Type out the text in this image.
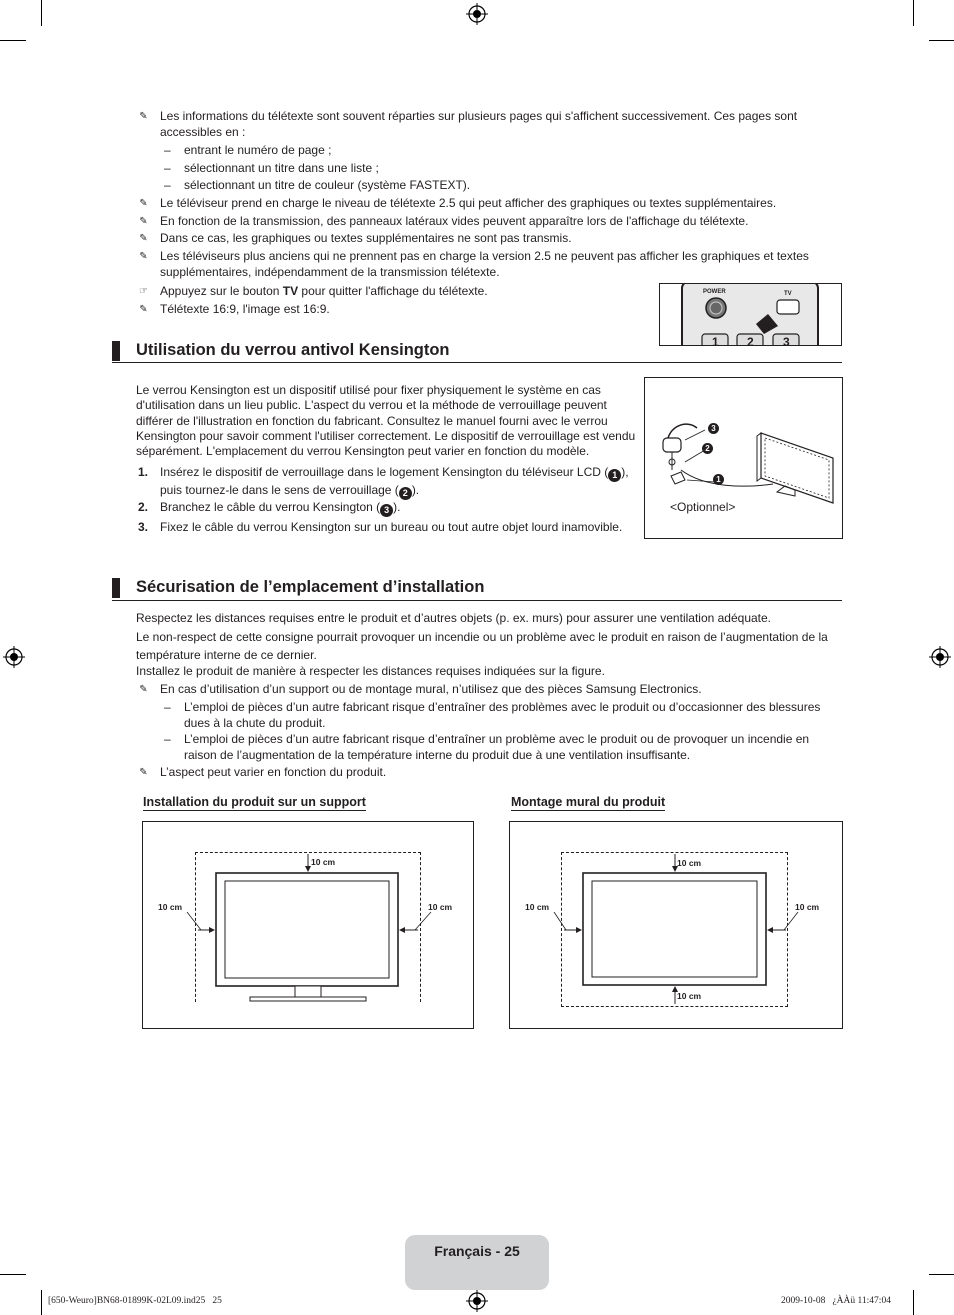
✎ Les informations du télétexte sont souvent réparties sur plusieurs pages qui s'affichent successivement. Ces pages sont accessibles en :
– entrant le numéro de page ;
– sélectionnant un titre dans une liste ;
– sélectionnant un titre de couleur (système FASTEXT).
✎ Le téléviseur prend en charge le niveau de télétexte 2.5 qui peut afficher des graphiques ou textes supplémentaires.
✎ En fonction de la transmission, des panneaux latéraux vides peuvent apparaître lors de l'affichage du télétexte.
✎ Dans ce cas, les graphiques ou textes supplémentaires ne sont pas transmis.
✎ Les téléviseurs plus anciens qui ne prennent pas en charge la version 2.5 ne peuvent pas afficher les graphiques et textes supplémentaires, indépendamment de la transmission télétexte.
☞ Appuyez sur le bouton TV pour quitter l'affichage du télétexte.
✎ Télétexte 16:9, l'image est 16:9.
POWER	TV
1 2 3
Utilisation du verrou antivol Kensington
Le verrou Kensington est un dispositif utilisé pour fixer physiquement le système en cas d'utilisation dans un lieu public. L'aspect du verrou et la méthode de verrouillage peuvent différer de l'illustration en fonction du fabricant. Consultez le manuel fourni avec le verrou Kensington pour savoir comment l'utiliser correctement. Le dispositif de verrouillage est vendu séparément. L'emplacement du verrou Kensington peut varier en fonction du modèle.
1. Insérez le dispositif de verrouillage dans le logement Kensington du téléviseur LCD ( 1 ), puis tournez-le dans le sens de verrouillage ( 2 ).
2. Branchez le câble du verrou Kensington ( 3 ).
3. Fixez le câble du verrou Kensington sur un bureau ou tout autre objet lourd inamovible.
3
2
1
<Optionnel>
Sécurisation de l’emplacement d’installation
Respectez les distances requises entre le produit et d’autres objets (p. ex. murs) pour assurer une ventilation adéquate.
Le non-respect de cette consigne pourrait provoquer un incendie ou un problème avec le produit en raison de l’augmentation de la température interne de ce dernier.
Installez le produit de manière à respecter les distances requises indiquées sur la figure.
✎ En cas d’utilisation d’un support ou de montage mural, n’utilisez que des pièces Samsung Electronics.
– L’emploi de pièces d’un autre fabricant risque d’entraîner des problèmes avec le produit ou d’occasionner des blessures dues à la chute du produit.
– L’emploi de pièces d’un autre fabricant risque d’entraîner un problème avec le produit ou de provoquer un incendie en raison de l’augmentation de la température interne du produit due à une ventilation insuffisante.
✎ L’aspect peut varier en fonction du produit.
Installation du produit sur un support	Montage mural du produit
10 cm
10 cm	10 cm
10 cm
10 cm	10 cm
10 cm
Français - 25
[650-Weuro]BN68-01899K-02L09.ind25   25	2009-10-08   ¿ÀÀü 11:47:04
